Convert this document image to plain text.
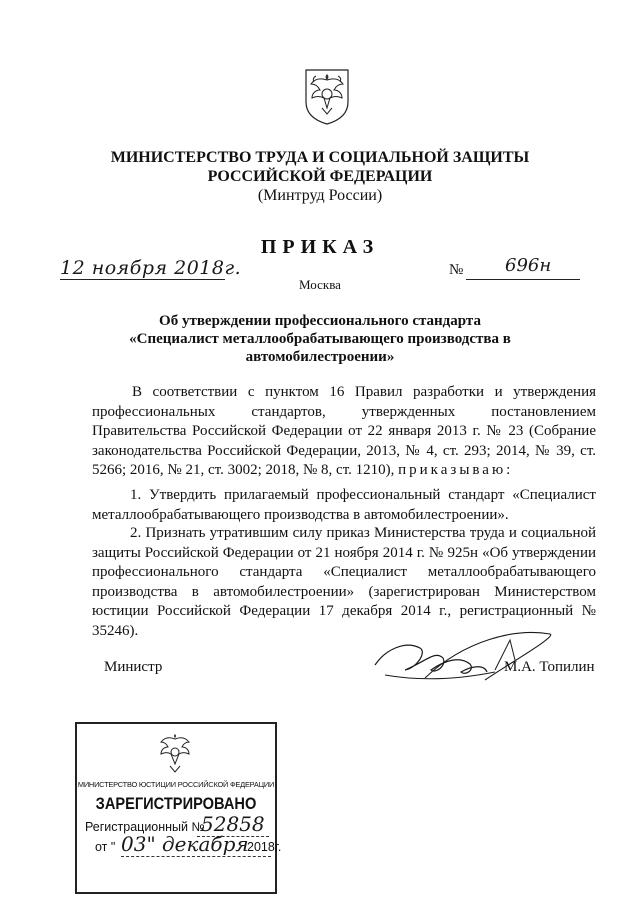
МИНИСТЕРСТВО ТРУДА И СОЦИАЛЬНОЙ ЗАЩИТЫ
РОССИЙСКОЙ ФЕДЕРАЦИИ
(Минтруд России)
ПРИКАЗ
12 ноября 2018г.	№ 696н
Москва
Об утверждении профессионального стандарта
«Специалист металлообрабатывающего производства в
автомобилестроении»
В соответствии с пунктом 16 Правил разработки и утверждения профессиональных стандартов, утвержденных постановлением Правительства Российской Федерации от 22 января 2013 г. № 23 (Собрание законодательства Российской Федерации, 2013, № 4, ст. 293; 2014, № 39, ст. 5266; 2016, № 21, ст. 3002; 2018, № 8, ст. 1210), приказываю:
1. Утвердить прилагаемый профессиональный стандарт «Специалист металлообрабатывающего производства в автомобилестроении».
2. Признать утратившим силу приказ Министерства труда и социальной защиты Российской Федерации от 21 ноября 2014 г. № 925н «Об утверждении профессионального стандарта «Специалист металлообрабатывающего производства в автомобилестроении» (зарегистрирован Министерством юстиции Российской Федерации 17 декабря 2014 г., регистрационный № 35246).
Министр	М.А. Топилин
МИНИСТЕРСТВО ЮСТИЦИИ РОССИЙСКОЙ ФЕДЕРАЦИИ
ЗАРЕГИСТРИРОВАНО
Регистрационный №
52858
от " 03" декабря
2018г.
